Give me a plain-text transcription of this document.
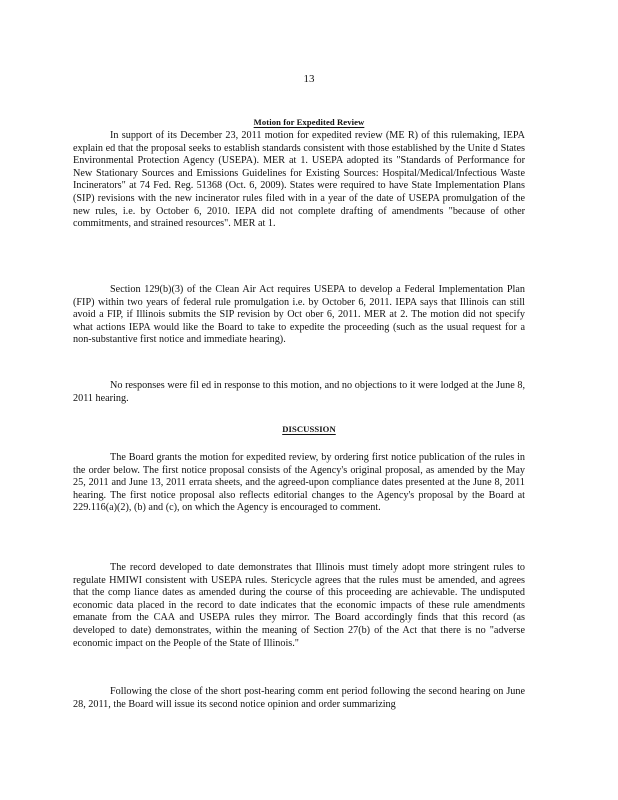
13
Motion for Expedited Review

In support of its December 23, 2011 motion for expedited review (ME R) of this rulemaking, IEPA explain ed that the proposal seeks to establish standards consistent with those established by the Unite d States Environmental Protection Agency (USEPA). MER at 1. USEPA adopted its "Standards of Performance for New Stationary Sources and Emissions Guidelines for Existing Sources: Hospital/Medical/Infectious Waste Incinerators" at 74 Fed. Reg. 51368 (Oct. 6, 2009). States were required to have State Implementation Plans (SIP) revisions with the new incinerator rules filed with in a year of the date of USEPA promulgation of the new rules, i.e. by October 6, 2010. IEPA did not complete drafting of amendments "because of other commitments, and strained resources". MER at 1.

Section 129(b)(3) of the Clean Air Act requires USEPA to develop a Federal Implementation Plan (FIP) within two years of federal rule promulgation i.e. by October 6, 2011. IEPA says that Illinois can still avoid a FIP, if Illinois submits the SIP revision by Oct ober 6, 2011. MER at 2. The motion did not specify what actions IEPA would like the Board to take to expedite the proceeding (such as the usual request for a non-substantive first notice and immediate hearing).

No responses were fil ed in response to this motion, and no objections to it were lodged at the June 8, 2011 hearing.

DISCUSSION

The Board grants the motion for expedited review, by ordering first notice publication of the rules in the order below. The first notice proposal consists of the Agency's original proposal, as amended by the May 25, 2011 and June 13, 2011 errata sheets, and the agreed-upon compliance dates presented at the June 8, 2011 hearing. The first notice proposal also reflects editorial changes to the Agency's proposal by the Board at 229.116(a)(2), (b) and (c), on which the Agency is encouraged to comment.

The record developed to date demonstrates that Illinois must timely adopt more stringent rules to regulate HMIWI consistent with USEPA rules. Stericycle agrees that the rules must be amended, and agrees that the comp liance dates as amended during the course of this proceeding are achievable. The undisputed economic data placed in the record to date indicates that the economic impacts of these rule amendments emanate from the CAA and USEPA rules they mirror. The Board accordingly finds that this record (as developed to date) demonstrates, within the meaning of Section 27(b) of the Act that there is no "adverse economic impact on the People of the State of Illinois."

Following the close of the short post-hearing comm ent period following the second hearing on June 28, 2011, the Board will issue its second notice opinion and order summarizing
